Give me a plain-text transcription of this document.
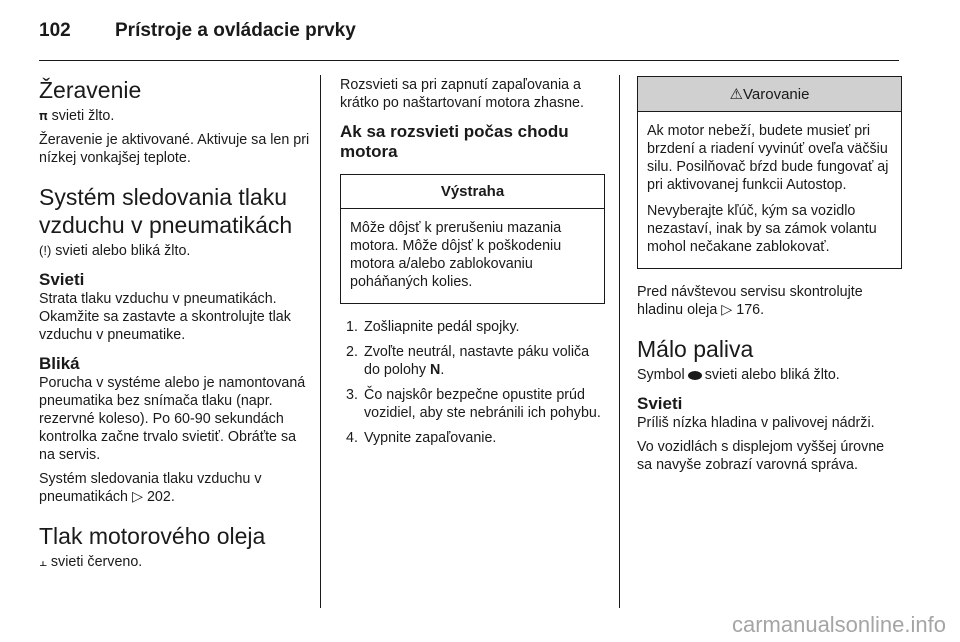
102 Prístroje a ovládacie prvky
Žeravenie

𝛑 svieti žlto.

Žeravenie je aktivované. Aktivuje sa len pri nízkej vonkajšej teplote.

Systém sledovania tlaku vzduchu v pneumatikách

(!) svieti alebo bliká žlto.

Svieti

Strata tlaku vzduchu v pneumatikách. Okamžite sa zastavte a skontrolujte tlak vzduchu v pneumatike.

Bliká

Porucha v systéme alebo je namontovaná pneumatika bez snímača tlaku (napr. rezervné koleso). Po 60-90 sekundách kontrolka začne trvalo svietiť. Obráťte sa na servis.

Systém sledovania tlaku vzduchu v pneumatikách ▷ 202.

Tlak motorového oleja

⫠ svieti červeno.

Rozsvieti sa pri zapnutí zapaľovania a krátko po naštartovaní motora zhasne.

Ak sa rozsvieti počas chodu motora
Výstraha

Môže dôjsť k prerušeniu mazania motora. Môže dôjsť k poškodeniu motora a/alebo zablokovaniu poháňaných kolies.

1. Zošliapnite pedál spojky.
2. Zvoľte neutrál, nastavte páku voliča do polohy N.
3. Čo najskôr bezpečne opustite prúd vozidiel, aby ste nebránili ich pohybu.
4. Vypnite zapaľovanie.
⚠Varovanie

Ak motor nebeží, budete musieť pri brzdení a riadení vyvinúť oveľa väčšiu silu. Posilňovač bŕzd bude fungovať aj pri aktivovanej funkcii Autostop.

Nevyberajte kľúč, kým sa vozidlo nezastaví, inak by sa zámok volantu mohol nečakane zablokovať.

Pred návštevou servisu skontrolujte hladinu oleja ▷ 176.

Málo paliva

Symbol svieti alebo bliká žlto.

Svieti

Príliš nízka hladina v palivovej nádrži.

Vo vozidlách s displejom vyššej úrovne sa navyše zobrazí varovná správa.

carmanualsonline.info
